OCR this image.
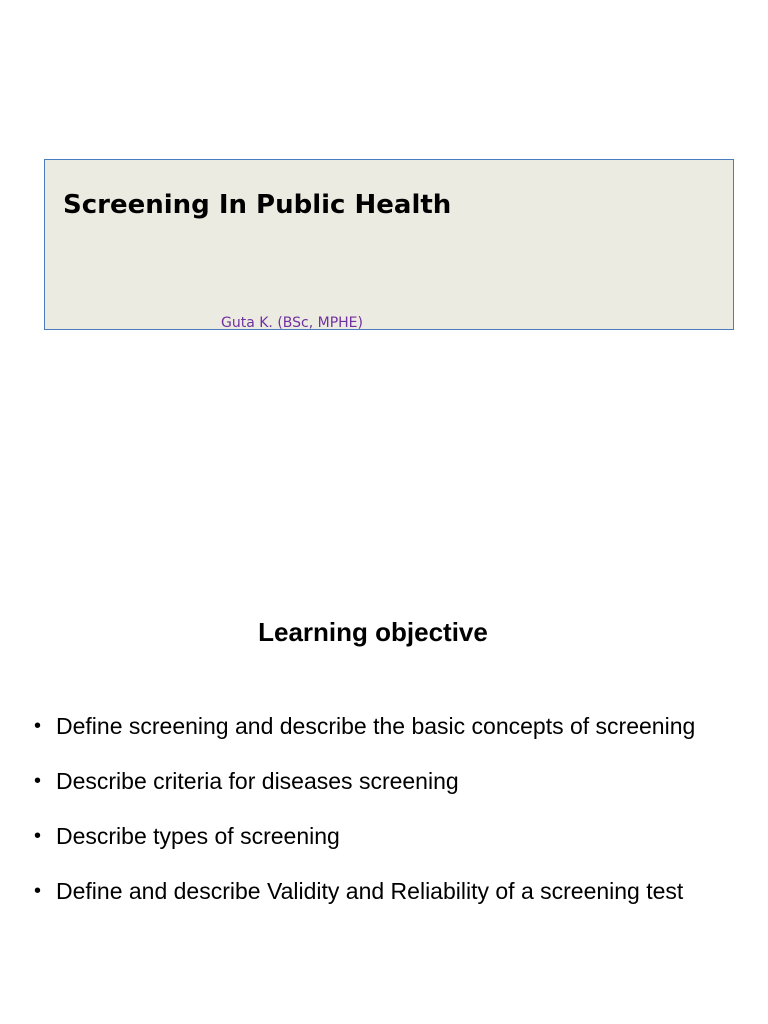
Screening In Public Health

Guta K. (BSc, MPHE)

Learning objective
• Define screening and describe the basic concepts of screening
• Describe criteria for diseases screening
• Describe types of screening
• Define and describe Validity and Reliability of a screening test
